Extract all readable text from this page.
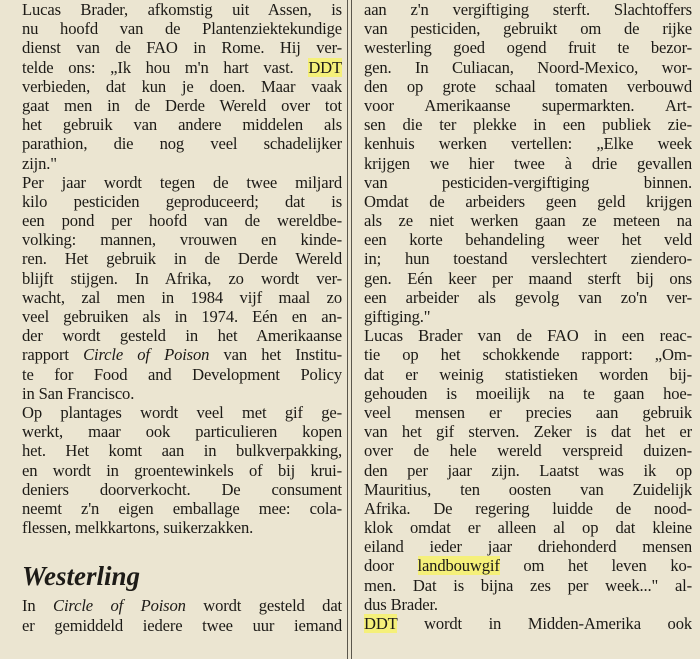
Lucas Brader, afkomstig uit Assen, is
nu hoofd van de Plantenziektekundige
dienst van de FAO in Rome. Hij ver-
telde ons: „Ik hou m'n hart vast. DDT
verbieden, dat kun je doen. Maar vaak
gaat men in de Derde Wereld over tot
het gebruik van andere middelen als
parathion, die nog veel schadelijker
zijn."
Per jaar wordt tegen de twee miljard
kilo pesticiden geproduceerd; dat is
een pond per hoofd van de wereldbe-
volking: mannen, vrouwen en kinde-
ren. Het gebruik in de Derde Wereld
blijft stijgen. In Afrika, zo wordt ver-
wacht, zal men in 1984 vijf maal zo
veel gebruiken als in 1974. Eén en an-
der wordt gesteld in het Amerikaanse
rapport Circle of Poison van het Institu-
te for Food and Development Policy
in San Francisco.
Op plantages wordt veel met gif ge-
werkt, maar ook particulieren kopen
het. Het komt aan in bulkverpakking,
en wordt in groentewinkels of bij krui-
deniers doorverkocht. De consument
neemt z'n eigen emballage mee: cola-
flessen, melkkartons, suikerzakken.
Westerling
In Circle of Poison wordt gesteld dat
er gemiddeld iedere twee uur iemand
aan z'n vergiftiging sterft. Slachtoffers
van pesticiden, gebruikt om de rijke
westerling goed ogend fruit te bezor-
gen. In Culiacan, Noord-Mexico, wor-
den op grote schaal tomaten verbouwd
voor Amerikaanse supermarkten. Art-
sen die ter plekke in een publiek zie-
kenhuis werken vertellen: „Elke week
krijgen we hier twee à drie gevallen
van pesticiden-vergiftiging binnen.
Omdat de arbeiders geen geld krijgen
als ze niet werken gaan ze meteen na
een korte behandeling weer het veld
in; hun toestand verslechtert ziendero-
gen. Eén keer per maand sterft bij ons
een arbeider als gevolg van zo'n ver-
giftiging."
Lucas Brader van de FAO in een reac-
tie op het schokkende rapport: „Om-
dat er weinig statistieken worden bij-
gehouden is moeilijk na te gaan hoe-
veel mensen er precies aan gebruik
van het gif sterven. Zeker is dat het er
over de hele wereld verspreid duizen-
den per jaar zijn. Laatst was ik op
Mauritius, ten oosten van Zuidelijk
Afrika. De regering luidde de nood-
klok omdat er alleen al op dat kleine
eiland ieder jaar driehonderd mensen
door landbouwgif om het leven ko-
men. Dat is bijna zes per week..." al-
dus Brader.
DDT wordt in Midden-Amerika ook
